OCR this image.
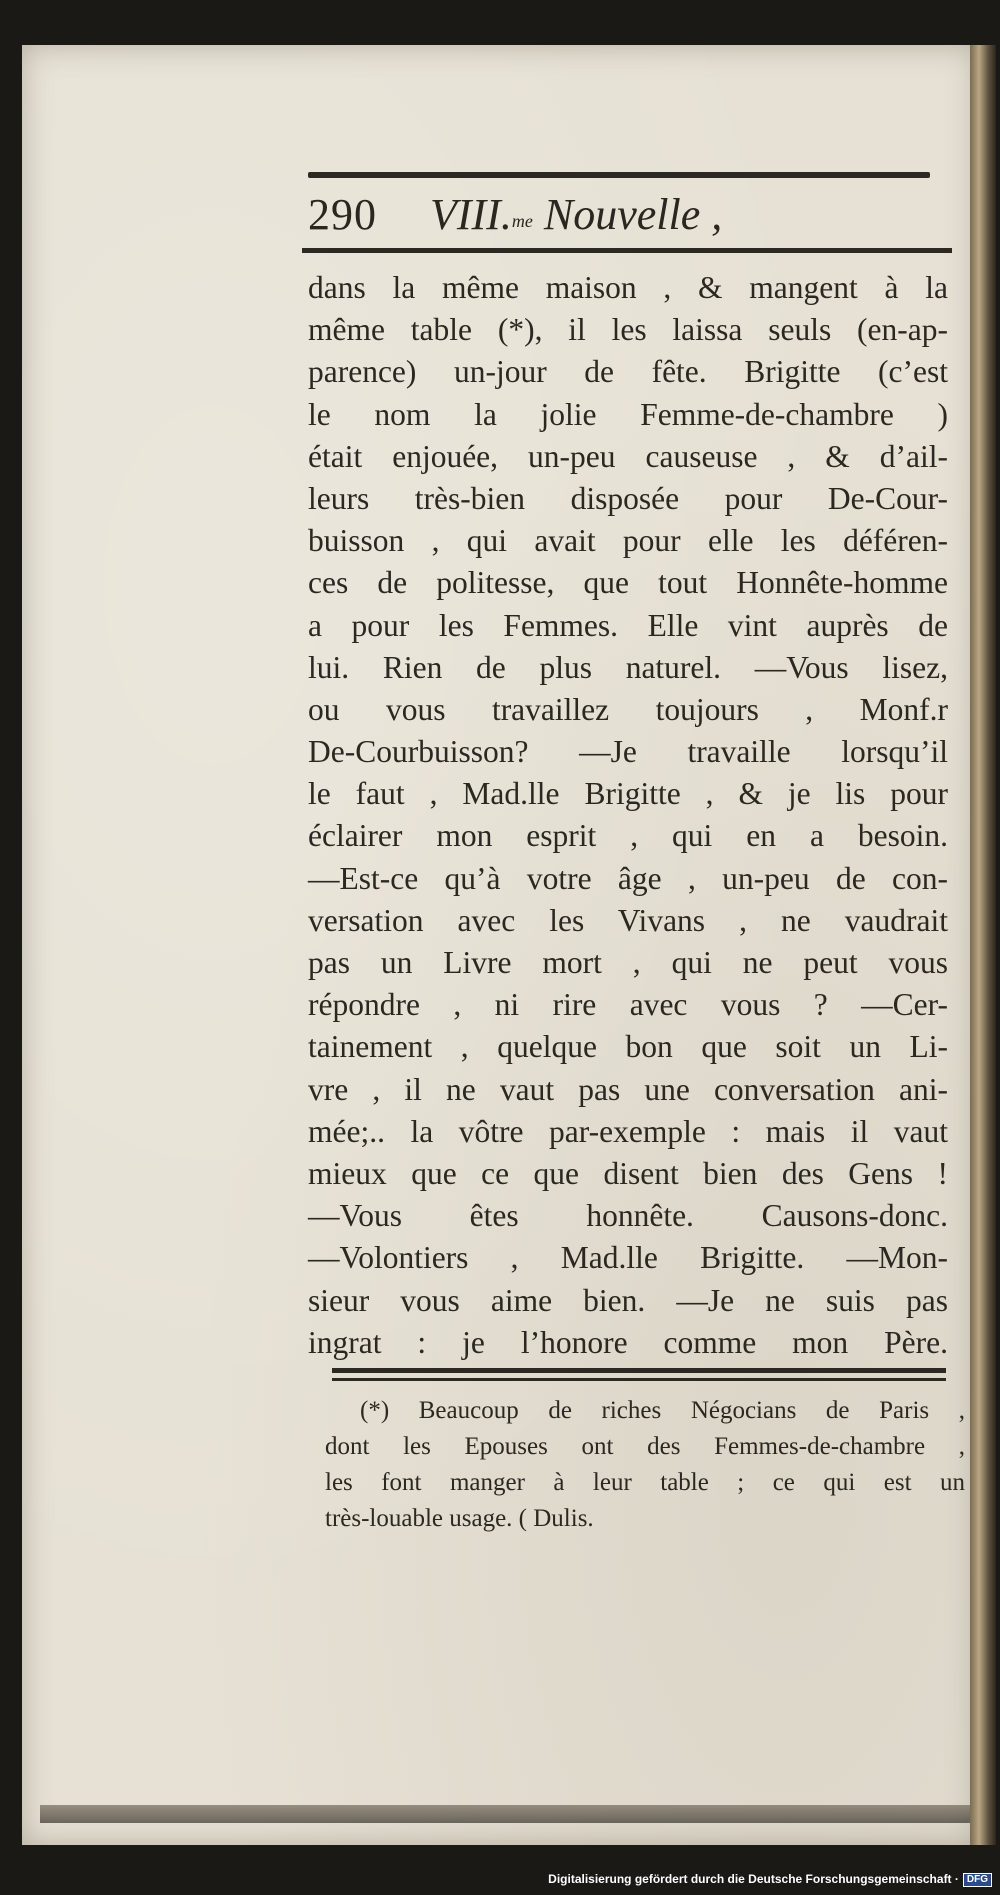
290 VIII.$^{me}$ Nouvelle ,
dans la même maison , & mangent à la
même table (*), il les laissa seuls (en-ap-
parence) un-jour de fête. Brigitte (c’est
le nom la jolie Femme-de-chambre )
était enjouée, un-peu causeuse , & d’ail-
leurs très-bien disposée pour De-Cour-
buisson , qui avait pour elle les déféren-
ces de politesse, que tout Honnête-homme
a pour les Femmes. Elle vint auprès de
lui. Rien de plus naturel. —Vous lisez,
ou vous travaillez toujours , Monf.r
De-Courbuisson? —Je travaille lorsqu’il
le faut , Mad.lle Brigitte , & je lis pour
éclairer mon esprit , qui en a besoin.
—Est-ce qu’à votre âge , un-peu de con-
versation avec les Vivans , ne vaudrait
pas un Livre mort , qui ne peut vous
répondre , ni rire avec vous ? —Cer-
tainement , quelque bon que soit un Li-
vre , il ne vaut pas une conversation ani-
mée;.. la vôtre par-exemple : mais il vaut
mieux que ce que disent bien des Gens !
—Vous êtes honnête. Causons-donc.
—Volontiers , Mad.lle Brigitte. —Mon-
sieur vous aime bien. —Je ne suis pas
ingrat : je l’honore comme mon Père.
(*) Beaucoup de riches Négocians de Paris ,
dont les Epouses ont des Femmes-de-chambre ,
les font manger à leur table ; ce qui est un
très-louable usage. ( Dulis.
Digitalisierung gefördert durch die Deutsche Forschungsgemeinschaft · DFG
